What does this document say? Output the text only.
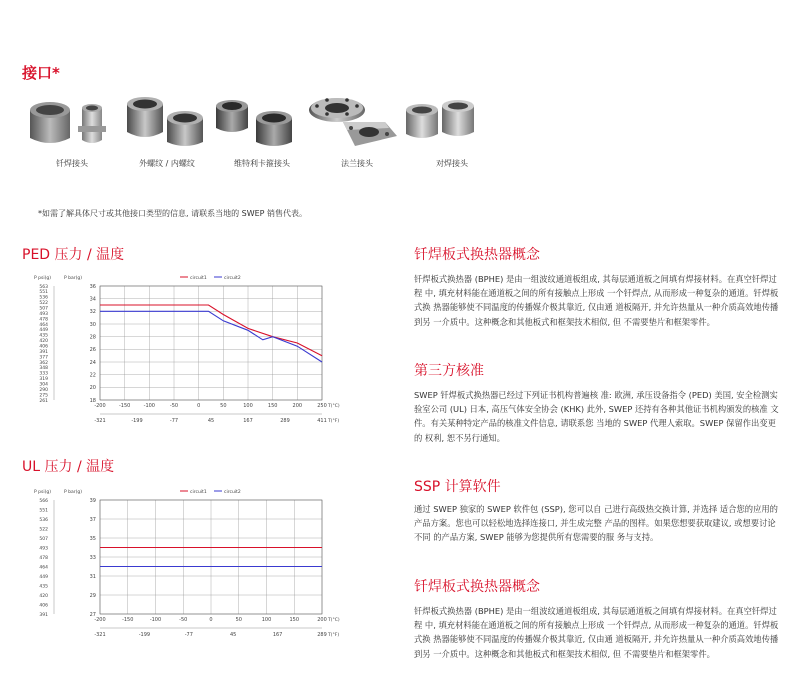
接口*
钎焊接头	外螺纹 / 内螺纹	维特利卡箍接头	法兰接头	对焊接头
*如需了解具体尺寸或其他接口类型的信息, 请联系当地的 SWEP 销售代表。
PED 压力 / 温度
P psi(g)	P bar(g)	circuit1	circuit2
-200	-150	-100	-50	0	50	100	150	200	250
18
20
22
24
26
28
30
32
34
36
563
551
536
522
507
493
478
464
449
435
420
406
391
377
362
348
333
319
304
290
275
261
T(°C)
-321	-199	-77	45	167	289	411 T(°F)
UL 压力 / 温度
P psi(g)	P bar(g)	circuit1	circuit2
-200	-150	-100	-50	0	50	100	150	200
27
29
31
33
35
37
39
566
551
536
522
507
493
478
464
449
435
420
406
391
T(°C)
-321	-199	-77	45	167	289 T(°F)
钎焊板式换热器概念
钎焊板式换热器 (BPHE) 是由一组波纹通道板组成, 其每层通道板之间填有焊接材料。在真空钎焊过程 中, 填充材料能在通道板之间的所有接触点上形成 一个钎焊点, 从而形成一种复杂的通道。钎焊板式换 热器能够使不同温度的传播媒介极其靠近, 仅由通 道板隔开, 并允许热量从一种介质高效地传播到另 一介质中。这种概念和其他板式和框架技术相似, 但 不需要垫片和框架零件。
第三方核准
SWEP 钎焊板式换热器已经过下列证书机构普遍核 准: 欧洲, 承压设备指令 (PED) 美国, 安全检测实验室公司 (UL) 日本, 高压气体安全协会 (KHK) 此外, SWEP 还持有各种其他证书机构颁发的核准 文件。有关某种特定产品的核准文件信息, 请联系您 当地的 SWEP 代理人索取。SWEP 保留作出变更的 权利, 恕不另行通知。
SSP 计算软件
通过 SWEP 独家的 SWEP 软件包 (SSP), 您可以自 己进行高级热交换计算, 并选择 适合您的应用的 产品方案。您也可以轻松地选择连接口, 并生成完整 产品的图样。如果您想要获取建议, 或想要讨论不同 的产品方案, SWEP 能够为您提供所有您需要的服 务与支持。
钎焊板式换热器概念
钎焊板式换热器 (BPHE) 是由一组波纹通道板组成, 其每层通道板之间填有焊接材料。在真空钎焊过程 中, 填充材料能在通道板之间的所有接触点上形成 一个钎焊点, 从而形成一种复杂的通道。钎焊板式换 热器能够使不同温度的传播媒介极其靠近, 仅由通 道板隔开, 并允许热量从一种介质高效地传播到另 一介质中。这种概念和其他板式和框架技术相似, 但 不需要垫片和框架零件。
